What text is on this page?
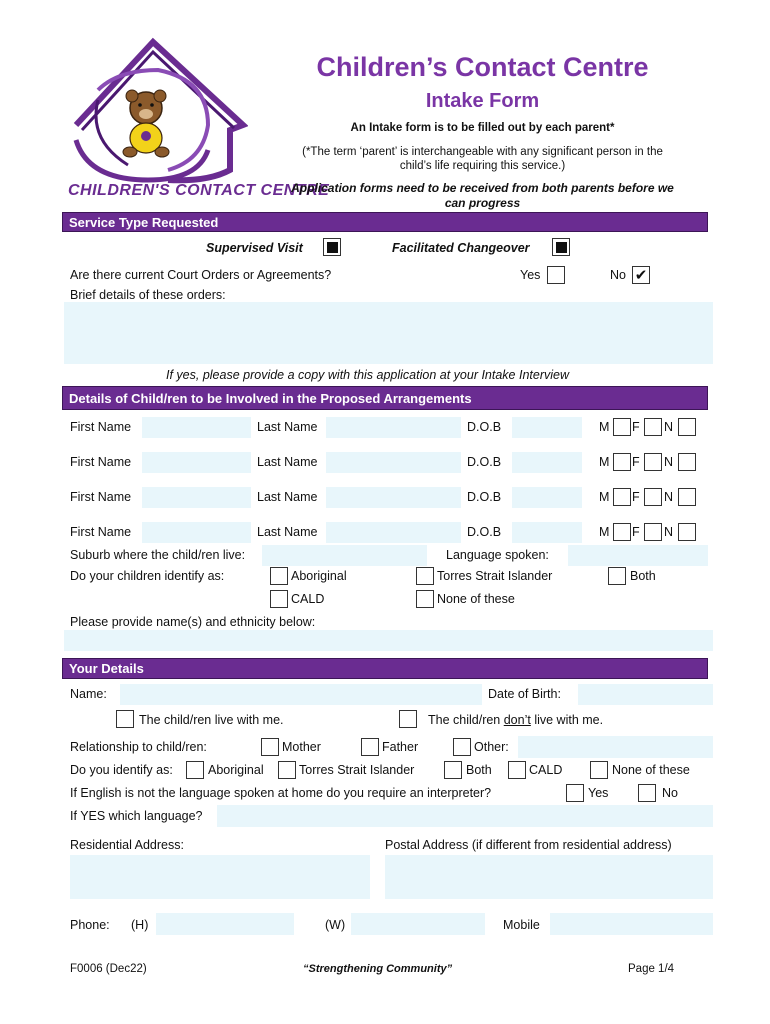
CHILDREN'S CONTACT CENTRE
Children’s Contact Centre
Intake Form
An Intake form is to be filled out by each parent*
(*The term ‘parent’ is interchangeable with any significant person in the
child’s life requiring this service.)
Application forms need to be received from both parents before we
can progress
Service Type Requested
Supervised Visit	Facilitated Changeover
Are there current Court Orders or Agreements?	Yes	No ✔
Brief details of these orders:
If yes, please provide a copy with this application at your Intake Interview
Details of Child/ren to be Involved in the Proposed Arrangements
First Name	Last Name	D.O.B	M F N
First Name	Last Name	D.O.B	M F N
First Name	Last Name	D.O.B	M F N
First Name	Last Name	D.O.B	M F N
Suburb where the child/ren live:	Language spoken:
Do your children identify as:	Aboriginal	Torres Strait Islander	Both
CALD	None of these
Please provide name(s) and ethnicity below:
Your Details
Name:	Date of Birth:
The child/ren live with me.	The child/ren don’t live with me.
Relationship to child/ren:	Mother	Father	Other:
Do you identify as:	Aboriginal	Torres Strait Islander	Both	CALD	None of these
If English is not the language spoken at home do you require an interpreter?	Yes	No
If YES which language?
Residential Address:	Postal Address (if different from residential address)
Phone: (H)	(W)	Mobile
F0006 (Dec22)	“Strengthening Community”	Page 1/4
